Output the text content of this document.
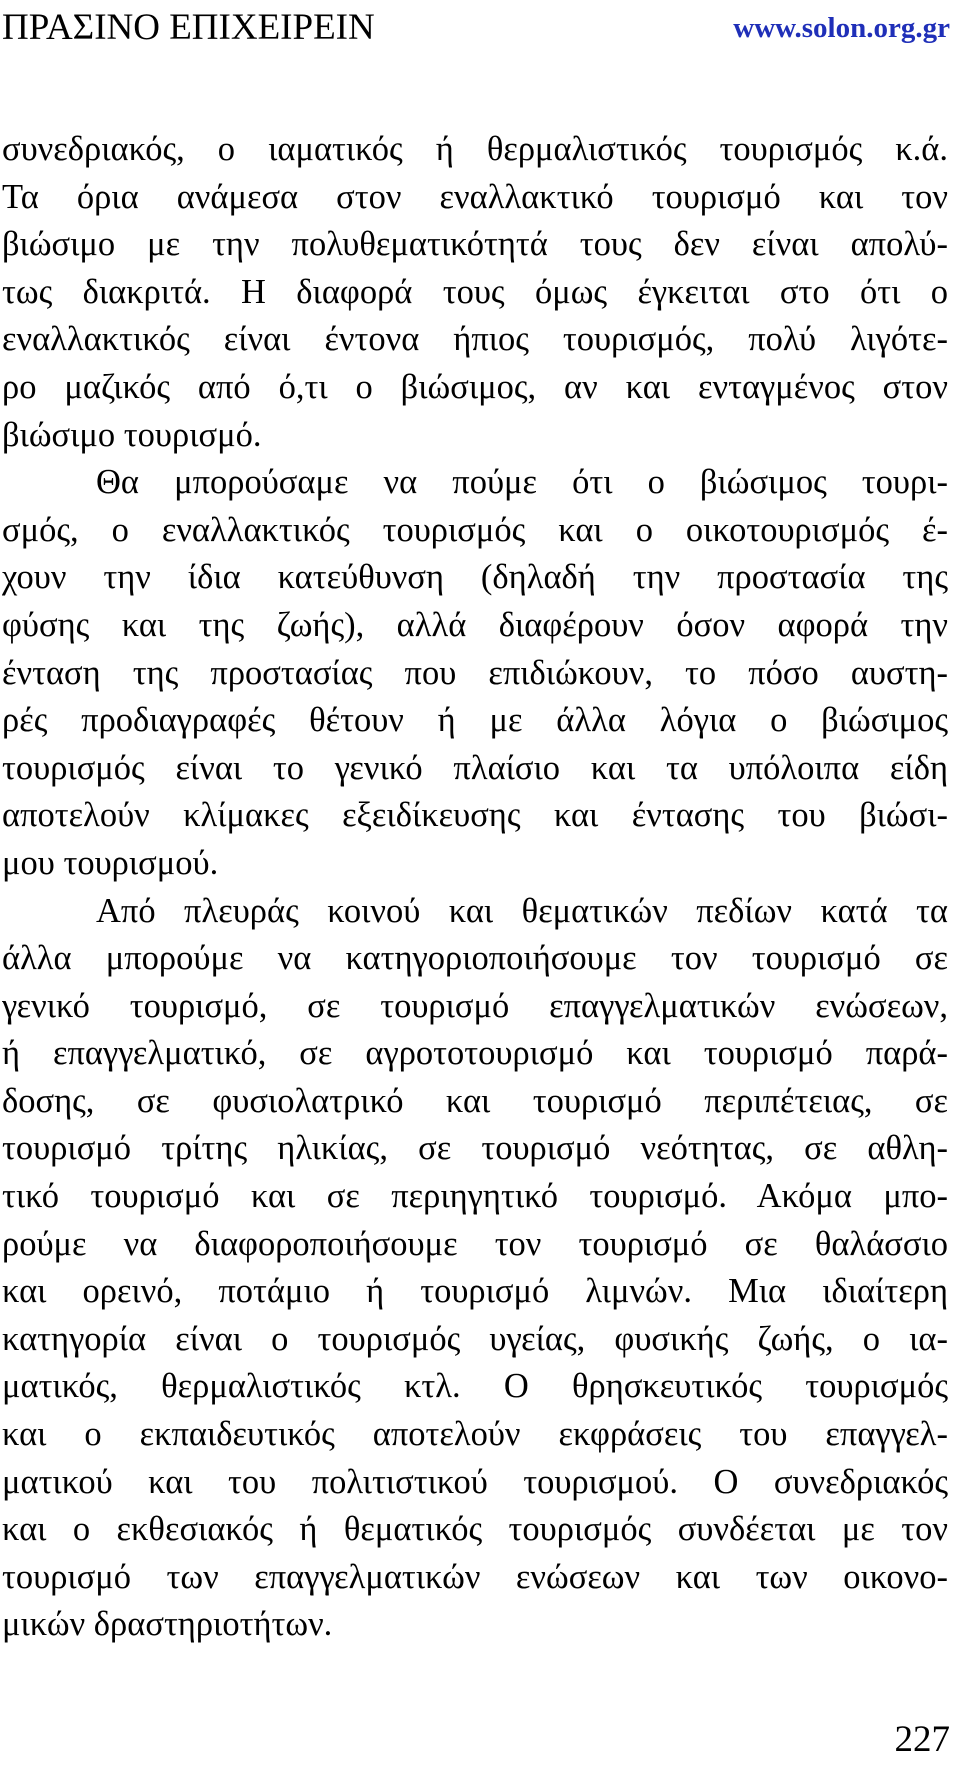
ΠΡΑΣΙΝΟ ΕΠΙΧΕΙΡΕΙΝ	www.solon.org.gr
συνεδριακός, ο ιαματικός ή θερμαλιστικός τουρισμός κ.ά.
Τα όρια ανάμεσα στον εναλλακτικό τουρισμό και τον
βιώσιμο με την πολυθεματικότητά τους δεν είναι απολύ-
τως διακριτά. Η διαφορά τους όμως έγκειται στο ότι ο
εναλλακτικός είναι έντονα ήπιος τουρισμός, πολύ λιγότε-
ρο μαζικός από ό,τι ο βιώσιμος, αν και ενταγμένος στον
βιώσιμο τουρισμό.
Θα μπορούσαμε να πούμε ότι ο βιώσιμος τουρι-
σμός, ο εναλλακτικός τουρισμός και ο οικοτουρισμός έ-
χουν την ίδια κατεύθυνση (δηλαδή την προστασία της
φύσης και της ζωής), αλλά διαφέρουν όσον αφορά την
ένταση της προστασίας που επιδιώκουν, το πόσο αυστη-
ρές προδιαγραφές θέτουν ή με άλλα λόγια ο βιώσιμος
τουρισμός είναι το γενικό πλαίσιο και τα υπόλοιπα είδη
αποτελούν κλίμακες εξειδίκευσης και έντασης του βιώσι-
μου τουρισμού.
Από πλευράς κοινού και θεματικών πεδίων κατά τα
άλλα μπορούμε να κατηγοριοποιήσουμε τον τουρισμό σε
γενικό τουρισμό, σε τουρισμό επαγγελματικών ενώσεων,
ή επαγγελματικό, σε αγροτοτουρισμό και τουρισμό παρά-
δοσης, σε φυσιολατρικό και τουρισμό περιπέτειας, σε
τουρισμό τρίτης ηλικίας, σε τουρισμό νεότητας, σε αθλη-
τικό τουρισμό και σε περιηγητικό τουρισμό. Ακόμα μπο-
ρούμε να διαφοροποιήσουμε τον τουρισμό σε θαλάσσιο
και ορεινό, ποτάμιο ή τουρισμό λιμνών. Μια ιδιαίτερη
κατηγορία είναι ο τουρισμός υγείας, φυσικής ζωής, ο ια-
ματικός, θερμαλιστικός κτλ. Ο θρησκευτικός τουρισμός
και ο εκπαιδευτικός αποτελούν εκφράσεις του επαγγελ-
ματικού και του πολιτιστικού τουρισμού. Ο συνεδριακός
και ο εκθεσιακός ή θεματικός τουρισμός συνδέεται με τον
τουρισμό των επαγγελματικών ενώσεων και των οικονο-
μικών δραστηριοτήτων.
227
